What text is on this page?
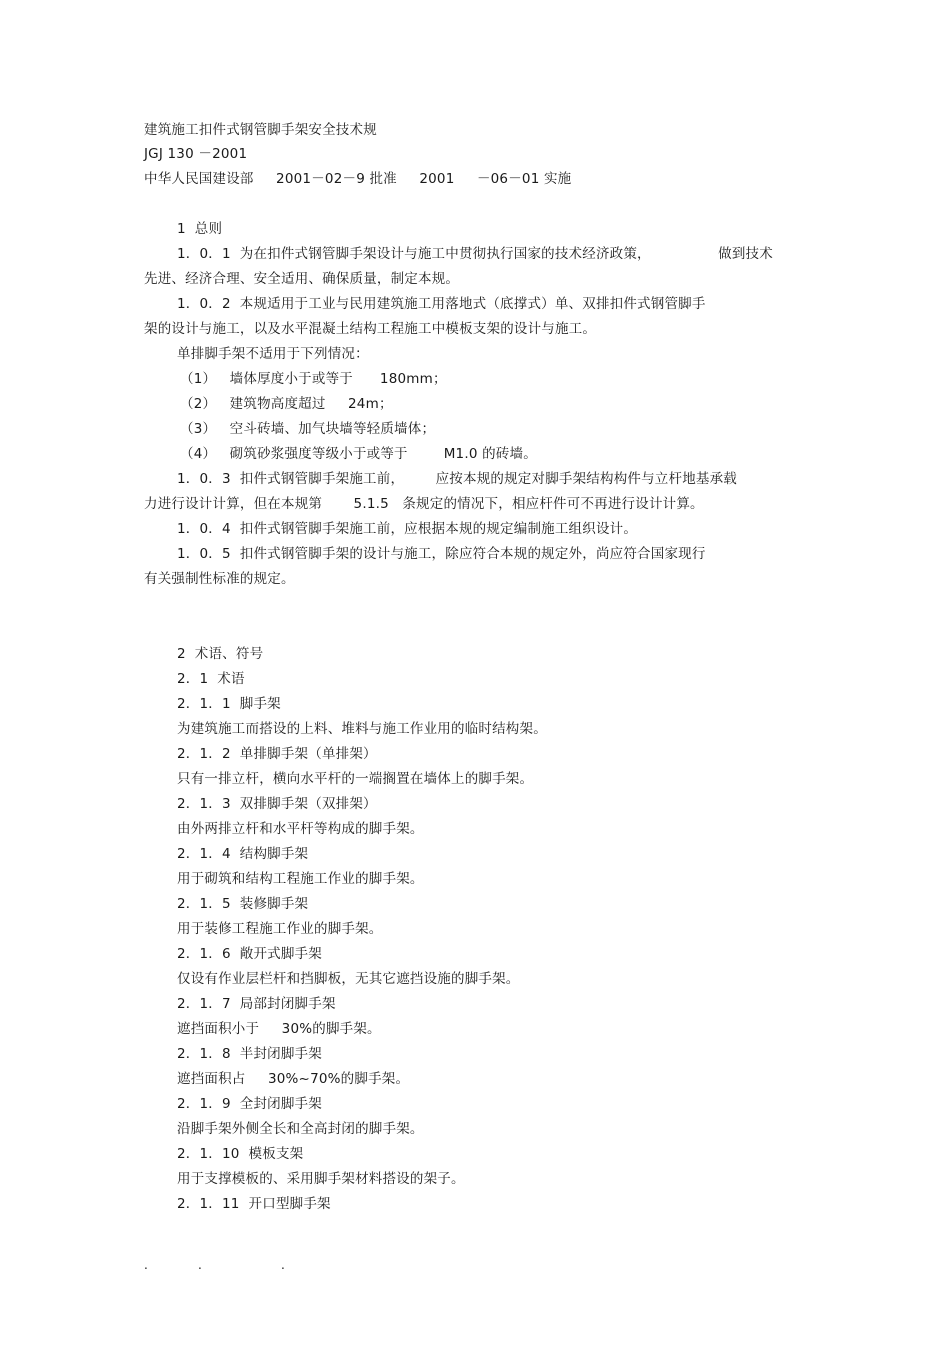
建筑施工扣件式钢管脚手架安全技术规
JGJ 130 －2001
中华人民国建设部     2001－02－9 批准     2001     －06－01 实施
1  总则
1．0．1  为在扣件式钢管脚手架设计与施工中贯彻执行国家的技术经济政策，               做到技术
先进、经济合理、安全适用、确保质量，制定本规。
1．0．2  本规适用于工业与民用建筑施工用落地式（底撑式）单、双排扣件式钢管脚手
架的设计与施工，以及水平混凝土结构工程施工中模板支架的设计与施工。
单排脚手架不适用于下列情况：
（1）   墙体厚度小于或等于      180mm；
（2）   建筑物高度超过     24m；
（3）   空斗砖墙、加气块墙等轻质墙体；
（4）   砌筑砂浆强度等级小于或等于        M1.0 的砖墙。
1．0．3  扣件式钢管脚手架施工前，       应按本规的规定对脚手架结构构件与立杆地基承载
力进行设计计算，但在本规第       5.1.5   条规定的情况下，相应杆件可不再进行设计计算。
1．0．4  扣件式钢管脚手架施工前，应根据本规的规定编制施工组织设计。
1．0．5  扣件式钢管脚手架的设计与施工，除应符合本规的规定外，尚应符合国家现行
有关强制性标准的规定。
2  术语、符号
2．1  术语
2．1．1  脚手架
为建筑施工而搭设的上料、堆料与施工作业用的临时结构架。
2．1．2  单排脚手架（单排架）
只有一排立杆，横向水平杆的一端搁置在墙体上的脚手架。
2．1．3  双排脚手架（双排架）
由外两排立杆和水平杆等构成的脚手架。
2．1．4  结构脚手架
用于砌筑和结构工程施工作业的脚手架。
2．1．5  装修脚手架
用于装修工程施工作业的脚手架。
2．1．6  敞开式脚手架
仅设有作业层栏杆和挡脚板，无其它遮挡设施的脚手架。
2．1．7  局部封闭脚手架
遮挡面积小于     30%的脚手架。
2．1．8  半封闭脚手架
遮挡面积占     30%~70%的脚手架。
2．1．9  全封闭脚手架
沿脚手架外侧全长和全高封闭的脚手架。
2．1．10  模板支架
用于支撑模板的、采用脚手架材料搭设的架子。
2．1．11  开口型脚手架
.	.	.
